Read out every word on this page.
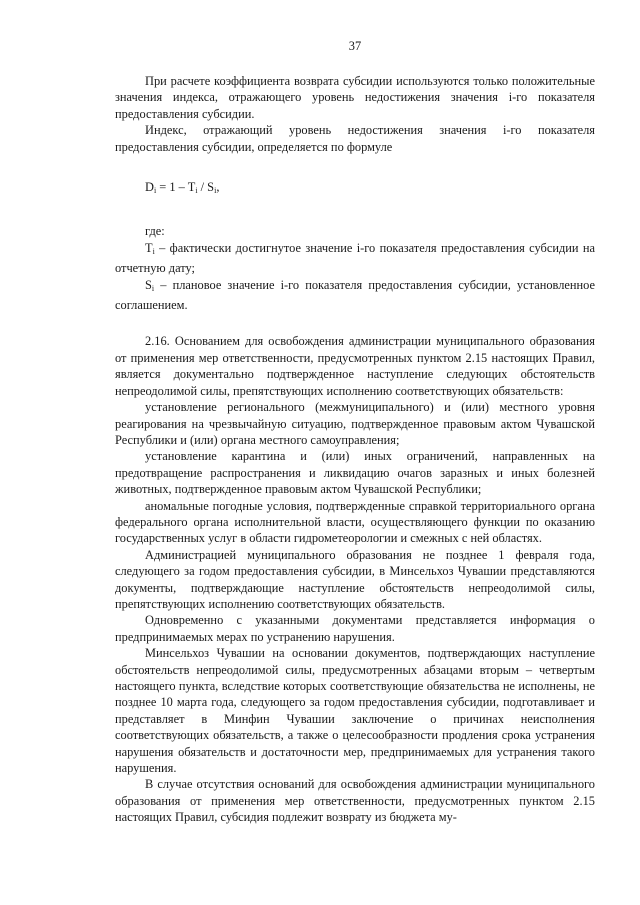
37

При расчете коэффициента возврата субсидии используются только положительные значения индекса, отражающего уровень недостижения значения i-го показателя предоставления субсидии.

Индекс, отражающий уровень недостижения значения i-го показателя предоставления субсидии, определяется по формуле

$D_i = 1 - T_i / S_i$,

где:

$T_i$ – фактически достигнутое значение i-го показателя предоставления субсидии на отчетную дату;

$S_i$ – плановое значение i-го показателя предоставления субсидии, установленное соглашением.

2.16. Основанием для освобождения администрации муниципального образования от применения мер ответственности, предусмотренных пунктом 2.15 настоящих Правил, является документально подтвержденное наступление следующих обстоятельств непреодолимой силы, препятствующих исполнению соответствующих обязательств:

установление регионального (межмуниципального) и (или) местного уровня реагирования на чрезвычайную ситуацию, подтвержденное правовым актом Чувашской Республики и (или) органа местного самоуправления;

установление карантина и (или) иных ограничений, направленных на предотвращение распространения и ликвидацию очагов заразных и иных болезней животных, подтвержденное правовым актом Чувашской Республики;

аномальные погодные условия, подтвержденные справкой территориального органа федерального органа исполнительной власти, осуществляющего функции по оказанию государственных услуг в области гидрометеорологии и смежных с ней областях.

Администрацией муниципального образования не позднее 1 февраля года, следующего за годом предоставления субсидии, в Минсельхоз Чувашии представляются документы, подтверждающие наступление обстоятельств непреодолимой силы, препятствующих исполнению соответствующих обязательств.

Одновременно с указанными документами представляется информация о предпринимаемых мерах по устранению нарушения.

Минсельхоз Чувашии на основании документов, подтверждающих наступление обстоятельств непреодолимой силы, предусмотренных абзацами вторым – четвертым настоящего пункта, вследствие которых соответствующие обязательства не исполнены, не позднее 10 марта года, следующего за годом предоставления субсидии, подготавливает и представляет в Минфин Чувашии заключение о причинах неисполнения соответствующих обязательств, а также о целесообразности продления срока устранения нарушения обязательств и достаточности мер, предпринимаемых для устранения такого нарушения.

В случае отсутствия оснований для освобождения администрации муниципального образования от применения мер ответственности, предусмотренных пунктом 2.15 настоящих Правил, субсидия подлежит возврату из бюджета му-
